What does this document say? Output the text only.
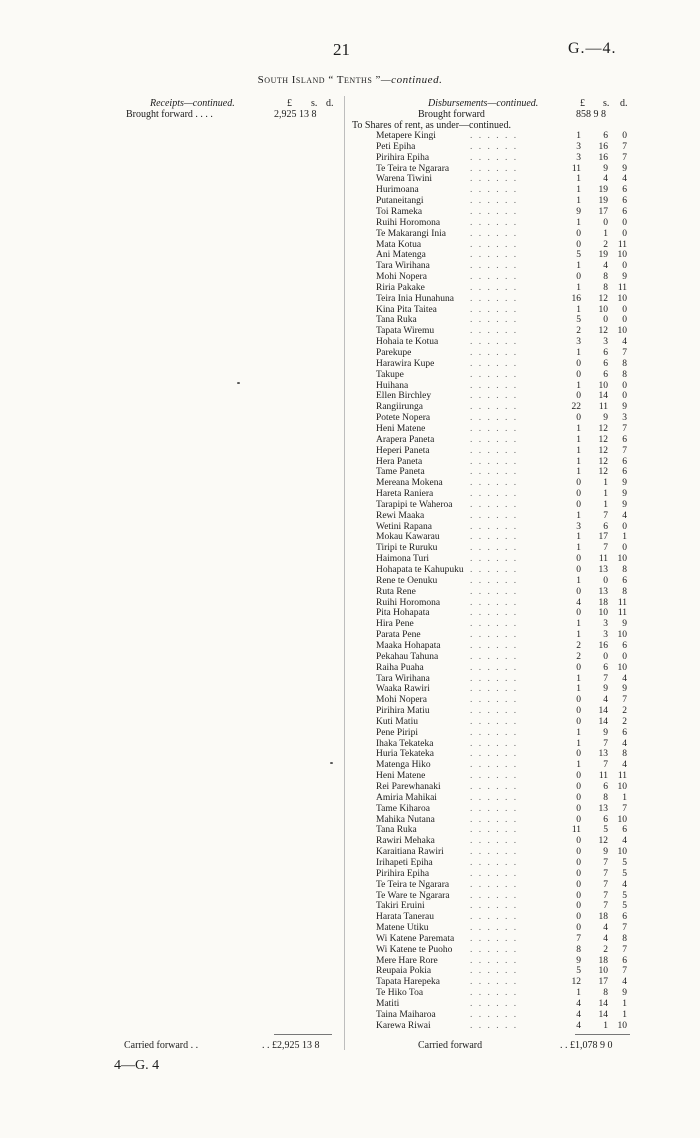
21	G.—4.
South Island “ Tenths ”—continued.
Receipts—continued.	£ s. d.	Disbursements—continued.	£ s. d.
Brought forward . . . .	2,925 13 8	Brought forward	858 9 8
To Shares of rent, as under—continued.
Metapere Kingi	. . . . . .	1 6 0
Peti Epiha	. . . . . .	3 16 7
Pirihira Epiha	. . . . . .	3 16 7
Te Teira te Ngarara . . . . . .	11 9 9
Warena Tiwini	. . . . . .	1 4 4
Hurimoana	. . . . . .	1 19 6
Putaneitangi	. . . . . .	1 19 6
Toi Rameka	. . . . . .	9 17 6
Ruihi Horomona	. . . . . .	1 0 0
Te Makarangi Inia	. . . . . .	0 1 0
Mata Kotua	. . . . . .	0 2 11
Ani Matenga	. . . . . .	5 19 10
Tara Wirihana	. . . . . .	1 4 0
Mohi Nopera	. . . . . .	0 8 9
Riria Pakake	. . . . . .	1 8 11
Teira Inia Hunahuna . . . . . .	16 12 10
Kina Pita Taitea	. . . . . .	1 10 0
Tana Ruka	. . . . . .	5 0 0
Tapata Wiremu	. . . . . .	2 12 10
Hohaia te Kotua	. . . . . .	3 3 4
Parekupe	. . . . . .	1 6 7
Harawira Kupe	. . . . . .	0 6 8
Takupe	. . . . . .	0 6 8
Huihana	. . . . . .	1 10 0
Ellen Birchley	. . . . . .	0 14 0
Rangiirunga	. . . . . .	22 11 9
Potete Nopera	. . . . . .	0 9 3
Heni Matene	. . . . . .	1 12 7
Arapera Paneta	. . . . . .	1 12 6
Heperi Paneta	. . . . . .	1 12 7
Hera Paneta	. . . . . .	1 12 6
Tame Paneta	. . . . . .	1 12 6
Mereana Mokena	. . . . . .	0 1 9
Hareta Raniera	. . . . . .	0 1 9
Tarapipi te Waheroa . . . . . .	0 1 9
Rewi Maaka	. . . . . .	1 7 4
Wetini Rapana	. . . . . .	3 6 0
Mokau Kawarau	. . . . . .	1 17 1
Tiripi te Ruruku	. . . . . .	1 7 0
Haimona Turi	. . . . . .	0 11 10
Hohapata te Kahupuku . . . . . .	0 13 8
Rene te Oenuku	. . . . . .	1 0 6
Ruta Rene	. . . . . .	0 13 8
Ruihi Horomona	. . . . . .	4 18 11
Pita Hohapata	. . . . . .	0 10 11
Hira Pene	. . . . . .	1 3 9
Parata Pene	. . . . . .	1 3 10
Maaka Hohapata	. . . . . .	2 16 6
Pekahau Tahuna	. . . . . .	2 0 0
Raiha Puaha	. . . . . .	0 6 10
Tara Wirihana	. . . . . .	1 7 4
Waaka Rawiri	. . . . . .	1 9 9
Mohi Nopera	. . . . . .	0 4 7
Pirihira Matiu	. . . . . .	0 14 2
Kuti Matiu	. . . . . .	0 14 2
Pene Piripi	. . . . . .	1 9 6
Ihaka Tekateka	. . . . . .	1 7 4
Huria Tekateka	. . . . . .	0 13 8
Matenga Hiko	. . . . . .	1 7 4
Heni Matene	. . . . . .	0 11 11
Rei Parewhanaki	. . . . . .	0 6 10
Amiria Mahikai	. . . . . .	0 8 1
Tame Kiharoa	. . . . . .	0 13 7
Mahika Nutana	. . . . . .	0 6 10
Tana Ruka	. . . . . .	11 5 6
Rawiri Mehaka	. . . . . .	0 12 4
Karaitiana Rawiri	. . . . . .	0 9 10
Irihapeti Epiha	. . . . . .	0 7 5
Pirihira Epiha	. . . . . .	0 7 5
Te Teira te Ngarara . . . . . .	0 7 4
Te Ware te Ngarara . . . . . .	0 7 5
Takiri Eruini	. . . . . .	0 7 5
Harata Tanerau	. . . . . .	0 18 6
Matene Utiku	. . . . . .	0 4 7
Wi Katene Paremata . . . . . .	7 4 8
Wi Katene te Puoho . . . . . .	8 2 7
Mere Hare Rore	. . . . . .	9 18 6
Reupaia Pokia	. . . . . .	5 10 7
Tapata Harepeka	. . . . . .	12 17 4
Te Hiko Toa	. . . . . .	1 8 9
Matiti	. . . . . .	4 14 1
Taina Maiharoa	. . . . . .	4 14 1
Karewa Riwai	. . . . . .	4 1 10
Carried forward . .	. . £2,925 13 8	Carried forward	. . £1,078 9 0
4—G. 4
